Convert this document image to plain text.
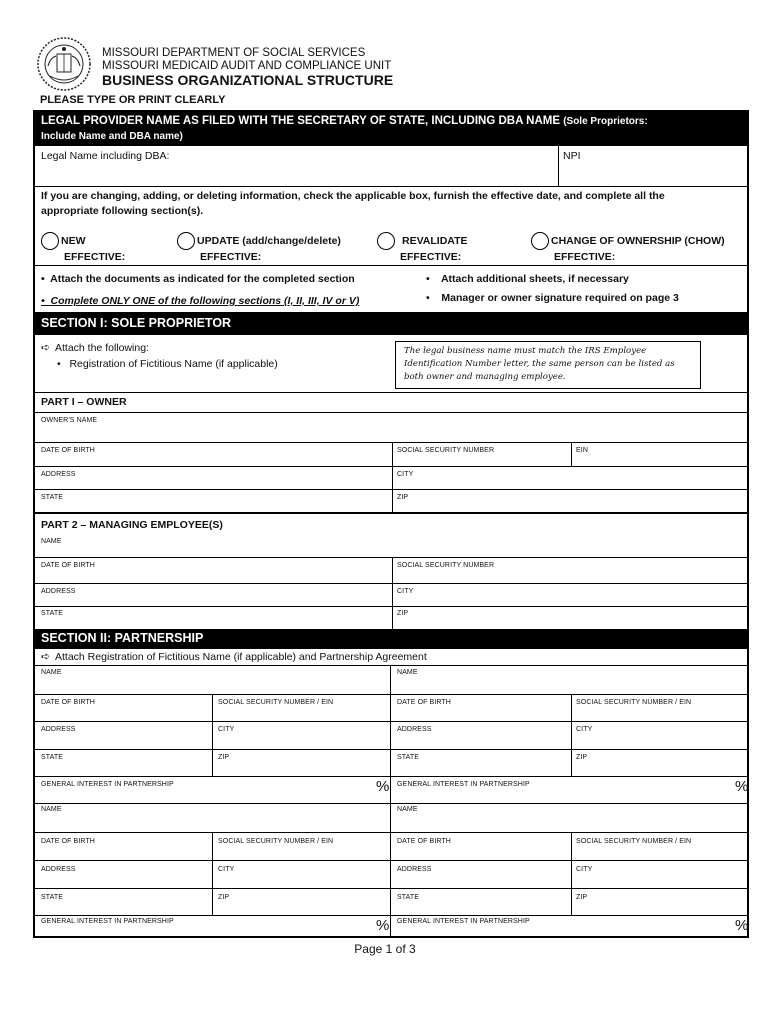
MISSOURI DEPARTMENT OF SOCIAL SERVICES
MISSOURI MEDICAID AUDIT AND COMPLIANCE UNIT
BUSINESS ORGANIZATIONAL STRUCTURE
PLEASE TYPE OR PRINT CLEARLY
LEGAL PROVIDER NAME AS FILED WITH THE SECRETARY OF STATE, INCLUDING DBA NAME (Sole Proprietors:
Include Name and DBA name)
Legal Name including DBA:	NPI
If you are changing, adding, or deleting information, check the applicable box, furnish the effective date, and complete all the
appropriate following section(s).
NEW
EFFECTIVE:
UPDATE (add/change/delete)
EFFECTIVE:
REVALIDATE
EFFECTIVE:
CHANGE OF OWNERSHIP (CHOW)
EFFECTIVE:
•  Attach the documents as indicated for the completed section
•  Complete ONLY ONE of the following sections (I, II, III, IV or V)
•    Attach additional sheets, if necessary
•    Manager or owner signature required on page 3
SECTION I: SOLE PROPRIETOR
➪ Attach the following:
•   Registration of Fictitious Name (if applicable)
The legal business name must match the IRS Employee Identification Number letter, the same person can be listed as both owner and managing employee.
PART I – OWNER
OWNER'S NAME
DATE OF BIRTH	SOCIAL SECURITY NUMBER	EIN
ADDRESS	CITY
STATE	ZIP
PART 2 – MANAGING EMPLOYEE(S)
NAME
DATE OF BIRTH	SOCIAL SECURITY NUMBER
ADDRESS	CITY
STATE	ZIP
SECTION II: PARTNERSHIP
➪ Attach Registration of Fictitious Name (if applicable) and Partnership Agreement
NAME	NAME
DATE OF BIRTH	SOCIAL SECURITY NUMBER / EIN	DATE OF BIRTH	SOCIAL SECURITY NUMBER / EIN
ADDRESS	CITY	ADDRESS	CITY
STATE	ZIP	STATE	ZIP
GENERAL INTEREST IN PARTNERSHIP	% GENERAL INTEREST IN PARTNERSHIP	%
NAME	NAME
DATE OF BIRTH	SOCIAL SECURITY NUMBER / EIN	DATE OF BIRTH	SOCIAL SECURITY NUMBER / EIN
ADDRESS	CITY	ADDRESS	CITY
STATE	ZIP	STATE	ZIP
GENERAL INTEREST IN PARTNERSHIP	% GENERAL INTEREST IN PARTNERSHIP	%
Page 1 of 3
